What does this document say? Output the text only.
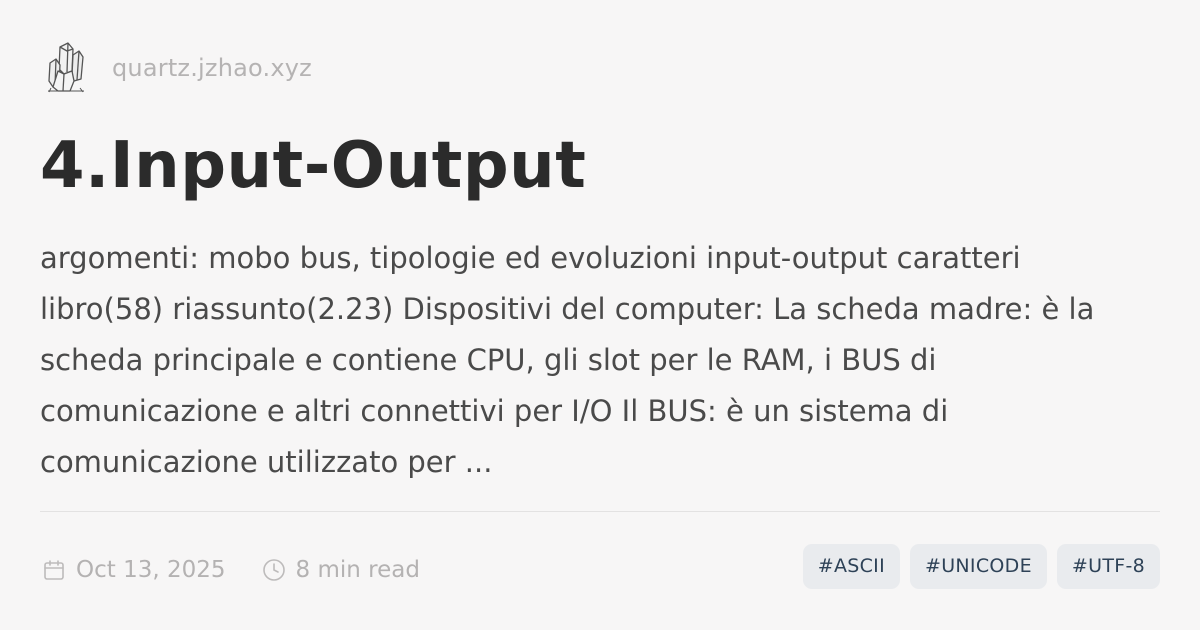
quartz.jzhao.xyz
4.Input-Output

argomenti: mobo bus, tipologie ed evoluzioni input-output caratteri libro(58) riassunto(2.23) Dispositivi del computer: La scheda madre: è la scheda principale e contiene CPU, gli slot per le RAM, i BUS di comunicazione e altri connettivi per I/O Il BUS: è un sistema di comunicazione utilizzato per ...

Oct 13, 2025	8 min read	#ASCII	#UNICODE	#UTF-8
